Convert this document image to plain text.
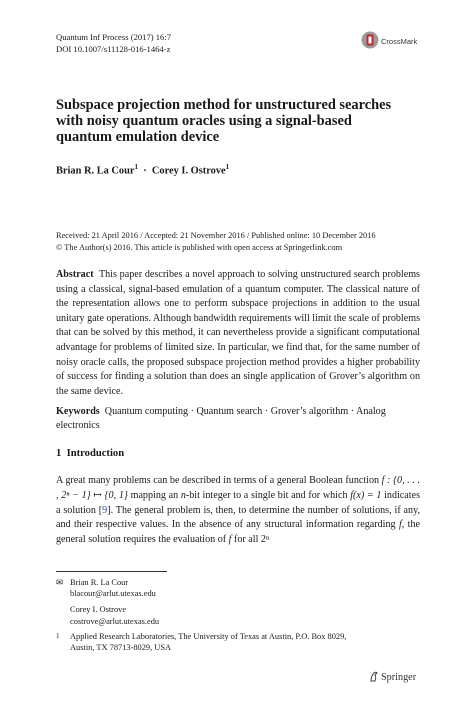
Quantum Inf Process (2017) 16:7
DOI 10.1007/s11128-016-1464-z
CrossMark
Subspace projection method for unstructured searches
with noisy quantum oracles using a signal-based
quantum emulation device
Brian R. La Cour$^1$ · Corey I. Ostrove$^1$
Received: 21 April 2016 / Accepted: 21 November 2016 / Published online: 10 December 2016
© The Author(s) 2016. This article is published with open access at Springerlink.com
Abstract This paper describes a novel approach to solving unstructured search problems using a classical, signal-based emulation of a quantum computer. The classical nature of the representation allows one to perform subspace projections in addition to the usual unitary gate operations. Although bandwidth requirements will limit the scale of problems that can be solved by this method, it can nevertheless provide a significant computational advantage for problems of limited size. In particular, we find that, for the same number of noisy oracle calls, the proposed subspace projection method provides a higher probability of success for finding a solution than does an single application of Grover’s algorithm on the same device.
Keywords Quantum computing · Quantum search · Grover’s algorithm · Analog electronics
1 Introduction
A great many problems can be described in terms of a general Boolean function f : {0, . . . , 2ⁿ − 1} ↦ {0, 1} mapping an n-bit integer to a single bit and for which f(x) = 1 indicates a solution [9]. The general problem is, then, to determine the number of solutions, if any, and their respective values. In the absence of any structural information regarding f, the general solution requires the evaluation of f for all 2ⁿ
✉ Brian R. La Cour
blacour@arlut.utexas.edu
Corey I. Ostrove
costrove@arlut.utexas.edu
1 Applied Research Laboratories, The University of Texas at Austin, P.O. Box 8029,
Austin, TX 78713-8029, USA
Springer
